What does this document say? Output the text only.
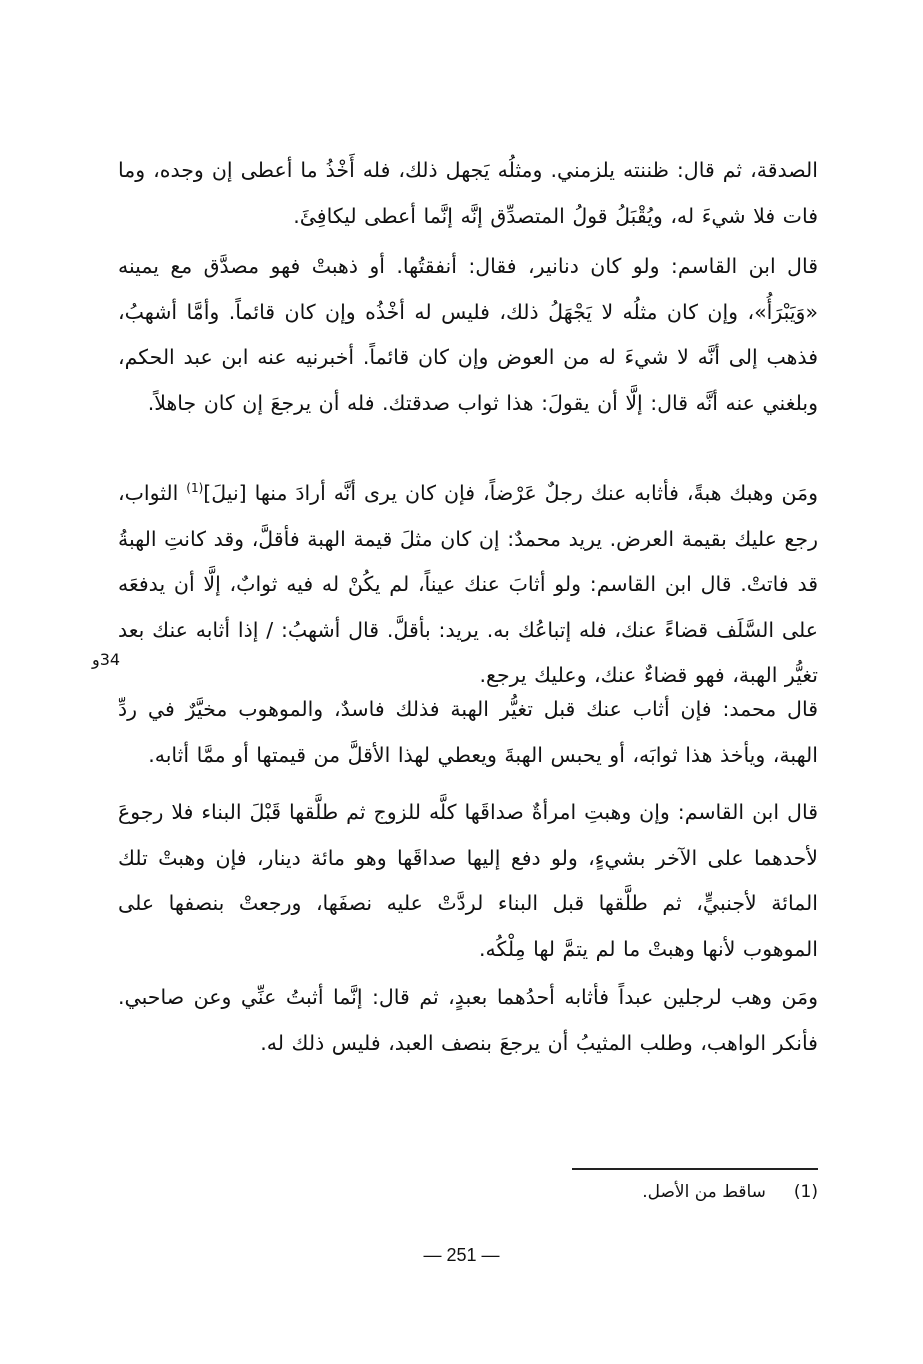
الصدقة، ثم قال: ظننته يلزمني. ومثلُه يَجهل ذلك، فله أَخْذُ ما أعطى إن وجده، وما فات فلا شيءَ له، ويُقْبَلُ قولُ المتصدِّق إنَّه إنَّما أعطى ليكافِئَ.
قال ابن القاسم: ولو كان دنانير، فقال: أنفقتُها. أو ذهبتْ فهو مصدَّق مع يمينه «وَيَبْرَأُ»، وإن كان مثلُه لا يَجْهَلُ ذلك، فليس له أخْذُه وإن كان قائماً. وأمَّا أشهبُ، فذهب إلى أنَّه لا شيءَ له من العوض وإن كان قائماً. أخبرنيه عنه ابن عبد الحكم، وبلغني عنه أنَّه قال: إلَّا أن يقولَ: هذا ثواب صدقتك. فله أن يرجعَ إن كان جاهلاً.
ومَن وهبك هبةً، فأثابه عنك رجلٌ عَرْضاً، فإن كان يرى أنَّه أرادَ منها [نيلَ]$^{(1)}$ الثواب، رجع عليك بقيمة العرض. يريد محمدٌ: إن كان مثلَ قيمة الهبة فأقلَّ، وقد كانتِ الهبةُ قد فاتتْ. قال ابن القاسم: ولو أثابَ عنك عيناً، لم يكُنْ له فيه ثوابٌ، إلَّا أن يدفعَه على السَّلَف قضاءً عنك، فله إتباعُك به. يريد: بأقلَّ. قال أشهبُ: / إذا أثابه عنك بعد تغيُّر الهبة، فهو قضاءٌ عنك، وعليك يرجع.
34و
قال محمد: فإن أثاب عنك قبل تغيُّر الهبة فذلك فاسدٌ، والموهوب مخيَّرٌ في ردِّ الهبة، ويأخذ هذا ثوابَه، أو يحبس الهبةَ ويعطي لهذا الأقلَّ من قيمتها أو ممَّا أثابه.
قال ابن القاسم: وإن وهبتِ امرأةٌ صداقَها كلَّه للزوج ثم طلَّقها قَبْلَ البناء فلا رجوعَ لأحدهما على الآخر بشيءٍ، ولو دفع إليها صداقَها وهو مائة دينار، فإن وهبتْ تلك المائة لأجنبيٍّ، ثم طلَّقها قبل البناء لردَّتْ عليه نصفَها، ورجعتْ بنصفها على الموهوب لأنها وهبتْ ما لم يتمَّ لها مِلْكُه.
ومَن وهب لرجلين عبداً فأثابه أحدُهما بعبدٍ، ثم قال: إنَّما أثبتُ عنِّي وعن صاحبي. فأنكر الواهب، وطلب المثيبُ أن يرجعَ بنصف العبد، فليس ذلك له.
(1)ساقط من الأصل.
— 251 —
